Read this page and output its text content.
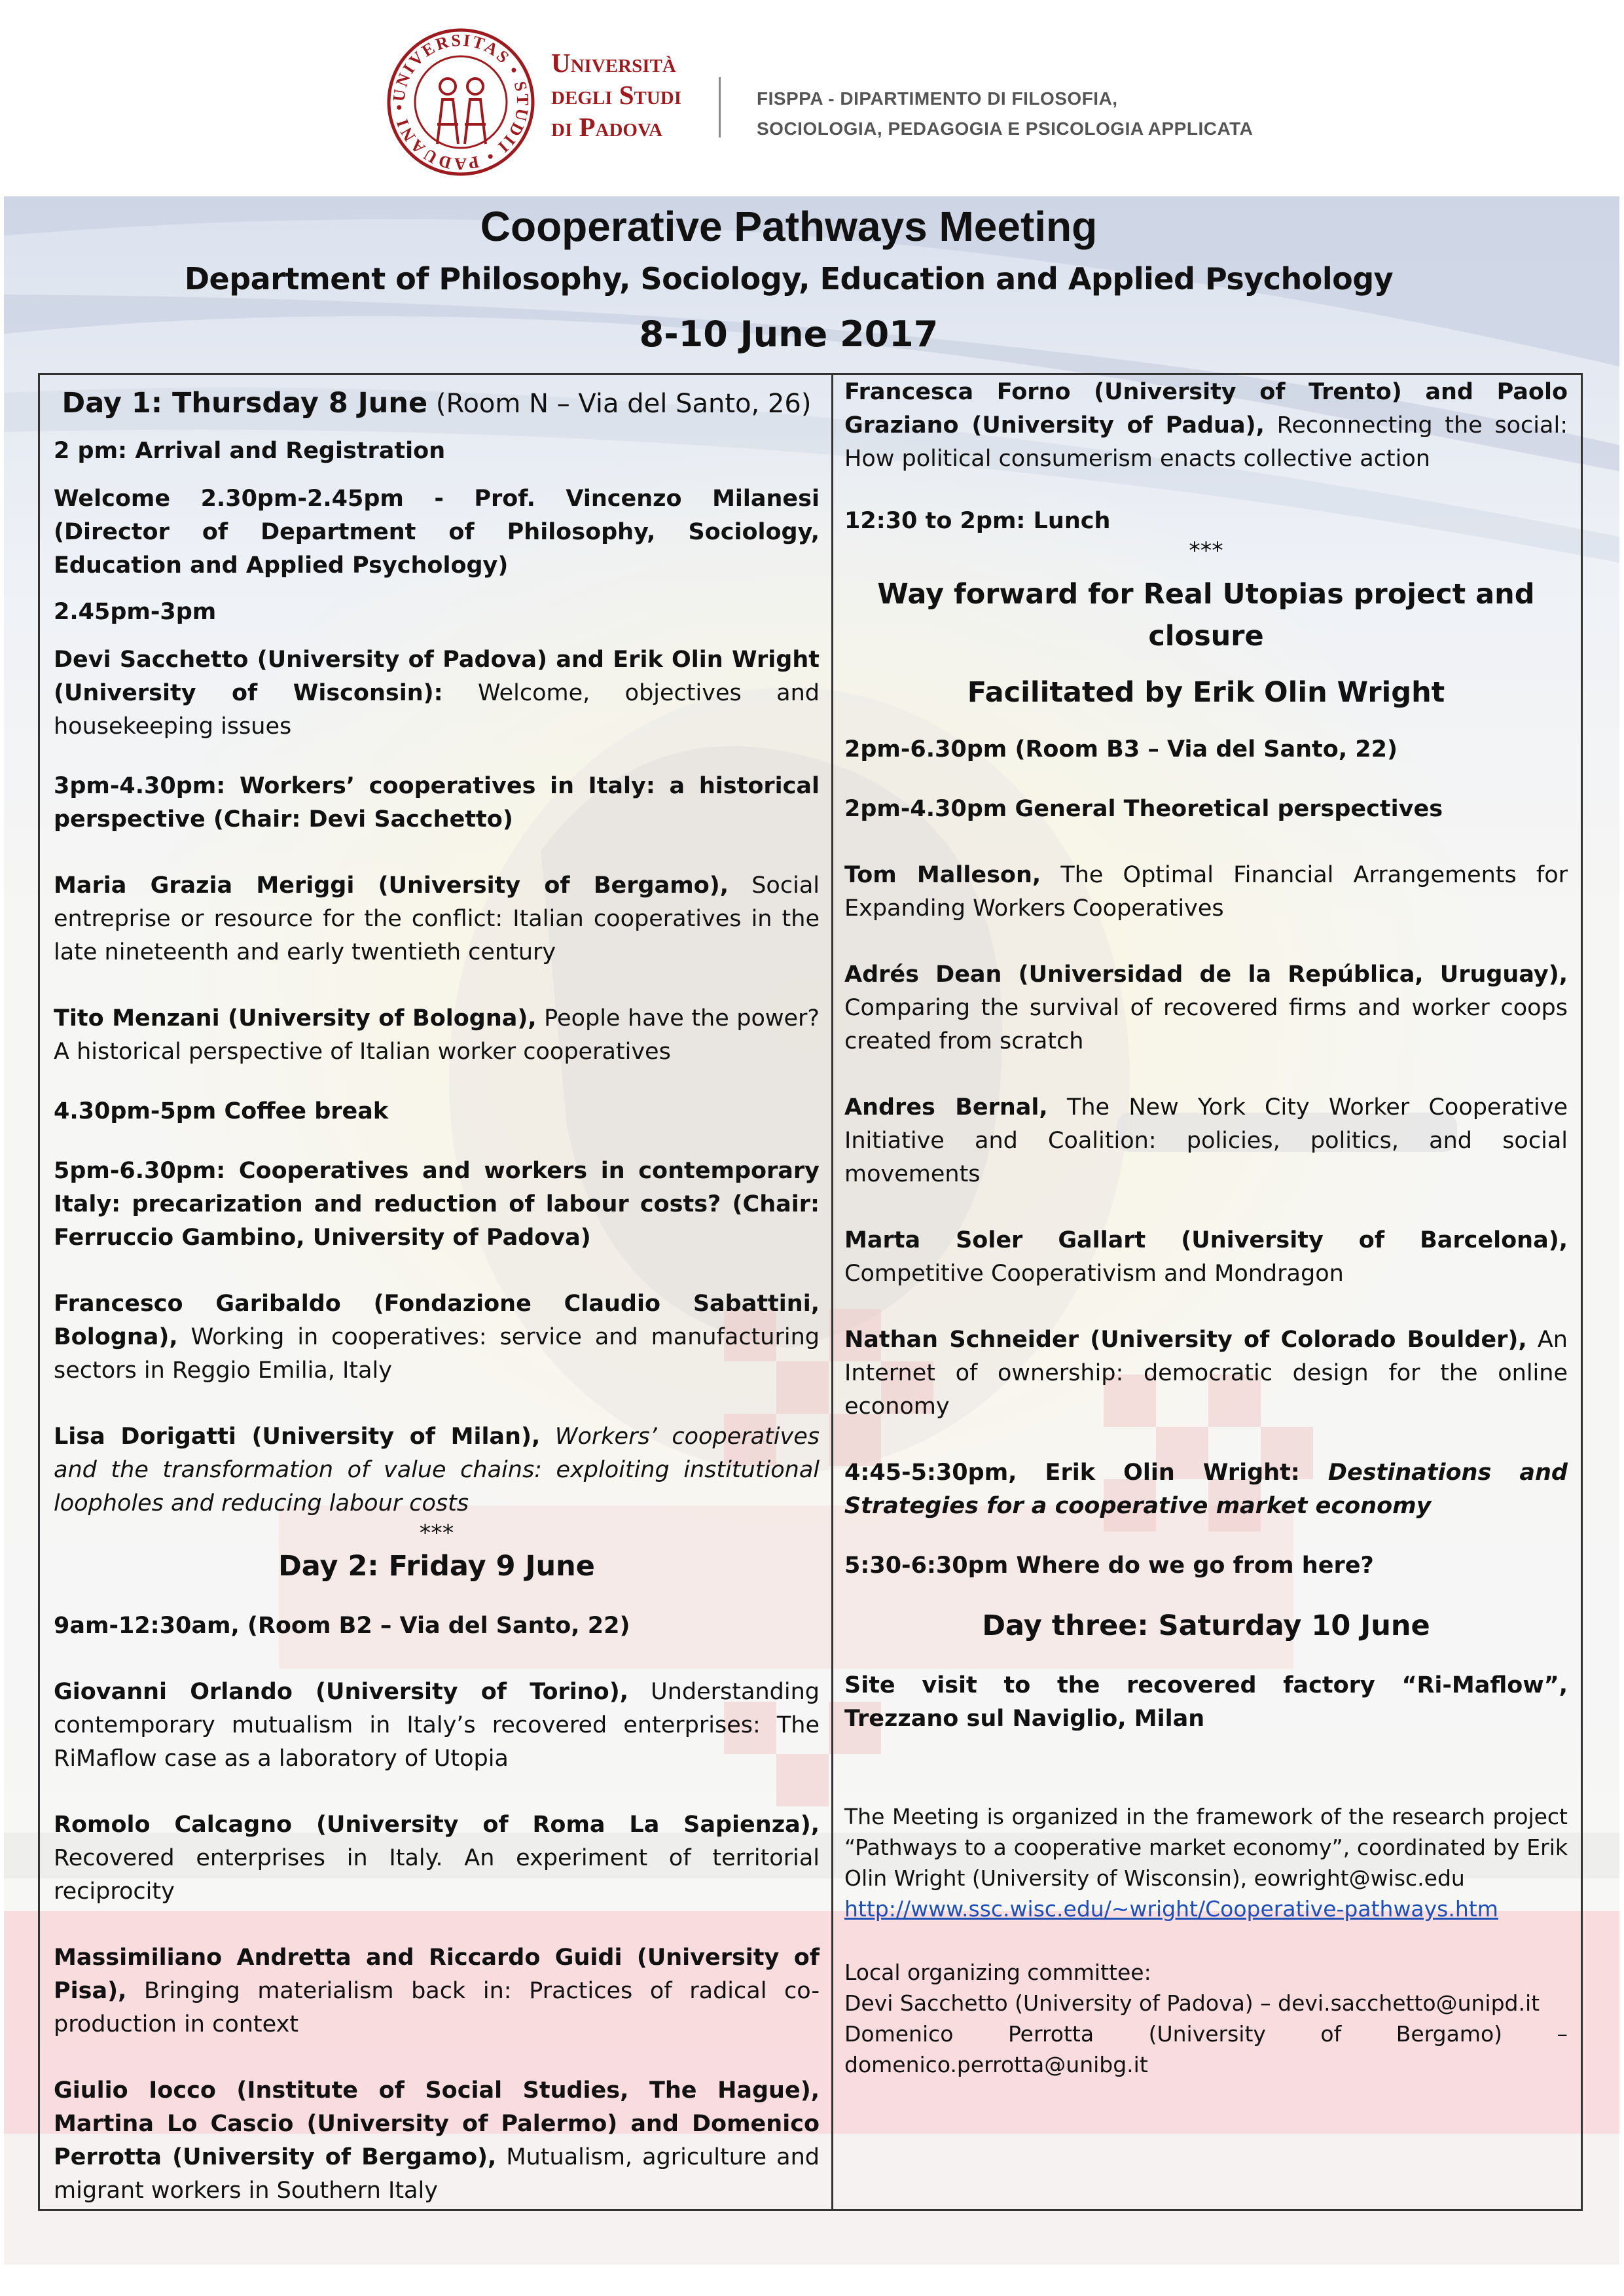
UNIVERSITAS • STUDII • PADUANI •
Università
degli Studi
di Padova
FISPPA - DIPARTIMENTO DI FILOSOFIA,
SOCIOLOGIA, PEDAGOGIA E PSICOLOGIA APPLICATA
Cooperative Pathways Meeting
Department of Philosophy, Sociology, Education and Applied Psychology
8-10 June 2017

Day 1: Thursday 8 June (Room N – Via del Santo, 26)

2 pm: Arrival and Registration

Welcome 2.30pm-2.45pm - Prof. Vincenzo Milanesi (Director of Department of Philosophy, Sociology, Education and Applied Psychology)

2.45pm-3pm

Devi Sacchetto (University of Padova) and Erik Olin Wright (University of Wisconsin): Welcome, objectives and housekeeping issues

3pm-4.30pm: Workers’ cooperatives in Italy: a historical perspective (Chair: Devi Sacchetto)

Maria Grazia Meriggi (University of Bergamo), Social entreprise or resource for the conflict: Italian cooperatives in the late nineteenth and early twentieth century

Tito Menzani (University of Bologna), People have the power? A historical perspective of Italian worker cooperatives

4.30pm-5pm Coffee break

5pm-6.30pm: Cooperatives and workers in contemporary Italy: precarization and reduction of labour costs? (Chair: Ferruccio Gambino, University of Padova)

Francesco Garibaldo (Fondazione Claudio Sabattini, Bologna), Working in cooperatives: service and manufacturing sectors in Reggio Emilia, Italy

Lisa Dorigatti (University of Milan), Workers’ cooperatives and the transformation of value chains: exploiting institutional loopholes and reducing labour costs

***

Day 2: Friday 9 June

9am-12:30am, (Room B2 – Via del Santo, 22)

Giovanni Orlando (University of Torino), Understanding contemporary mutualism in Italy’s recovered enterprises: The RiMaflow case as a laboratory of Utopia

Romolo Calcagno (University of Roma La Sapienza), Recovered enterprises in Italy. An experiment of territorial reciprocity

Massimiliano Andretta and Riccardo Guidi (University of Pisa), Bringing materialism back in: Practices of radical co-production in context

Giulio Iocco (Institute of Social Studies, The Hague), Martina Lo Cascio (University of Palermo) and Domenico Perrotta (University of Bergamo), Mutualism, agriculture and migrant workers in Southern Italy

Francesca Forno (University of Trento) and Paolo Graziano (University of Padua), Reconnecting the social: How political consumerism enacts collective action

12:30 to 2pm: Lunch

***

Way forward for Real Utopias project and closure

Facilitated by Erik Olin Wright

2pm-6.30pm (Room B3 – Via del Santo, 22)

2pm-4.30pm General Theoretical perspectives

Tom Malleson, The Optimal Financial Arrangements for Expanding Workers Cooperatives

Adrés Dean (Universidad de la República, Uruguay), Comparing the survival of recovered firms and worker coops created from scratch

Andres Bernal, The New York City Worker Cooperative Initiative and Coalition: policies, politics, and social movements

Marta Soler Gallart (University of Barcelona), Competitive Cooperativism and Mondragon

Nathan Schneider (University of Colorado Boulder), An Internet of ownership: democratic design for the online economy

4:45-5:30pm, Erik Olin Wright: Destinations and Strategies for a cooperative market economy

5:30-6:30pm Where do we go from here?

Day three: Saturday 10 June

Site visit to the recovered factory “Ri-Maflow”, Trezzano sul Naviglio, Milan

The Meeting is organized in the framework of the research project “Pathways to a cooperative market economy”, coordinated by Erik Olin Wright (University of Wisconsin), eowright@wisc.edu

http://www.ssc.wisc.edu/~wright/Cooperative-pathways.htm

Local organizing committee:

Devi Sacchetto (University of Padova) – devi.sacchetto@unipd.it

Domenico Perrotta (University of Bergamo) – domenico.perrotta@unibg.it
